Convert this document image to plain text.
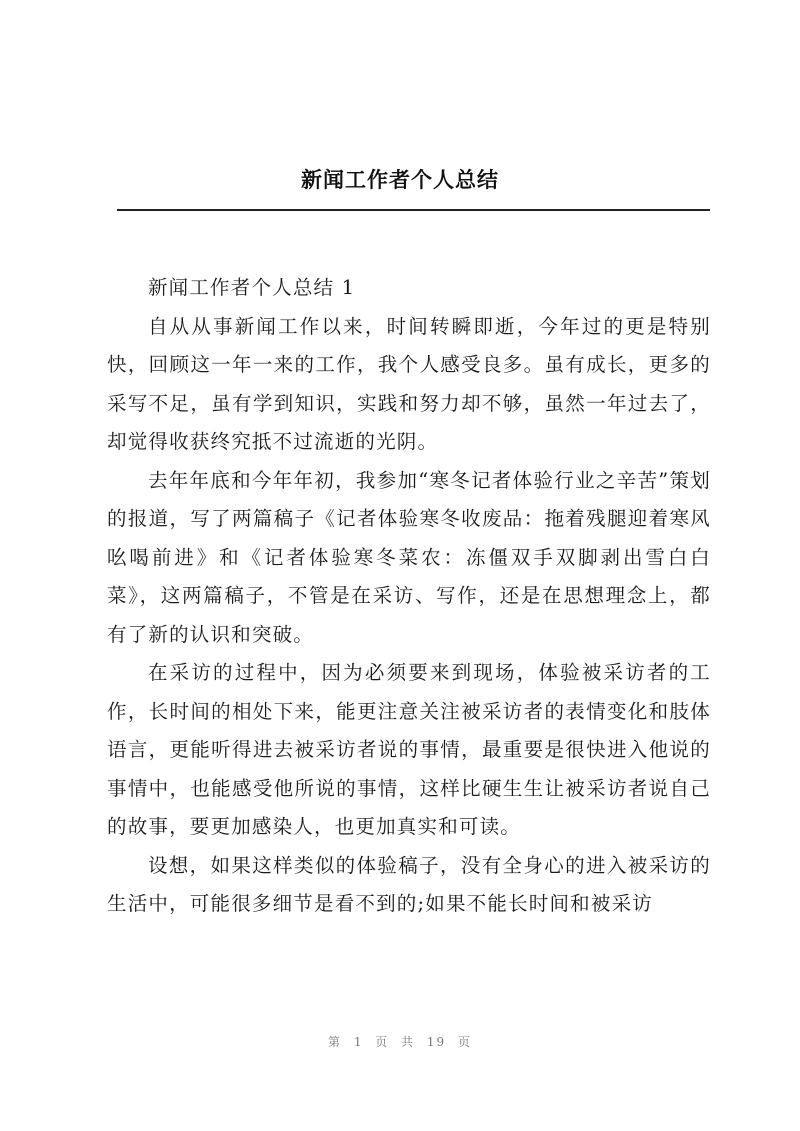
新闻工作者个人总结

新闻工作者个人总结 1

自从从事新闻工作以来，时间转瞬即逝，今年过的更是特别快，回顾这一年一来的工作，我个人感受良多。虽有成长，更多的采写不足，虽有学到知识，实践和努力却不够，虽然一年过去了，却觉得收获终究抵不过流逝的光阴。

去年年底和今年年初，我参加“寒冬记者体验行业之辛苦”策划的报道，写了两篇稿子《记者体验寒冬收废品：拖着残腿迎着寒风吆喝前进》和《记者体验寒冬菜农：冻僵双手双脚剥出雪白白菜》，这两篇稿子，不管是在采访、写作，还是在思想理念上，都有了新的认识和突破。

在采访的过程中，因为必须要来到现场，体验被采访者的工作，长时间的相处下来，能更注意关注被采访者的表情变化和肢体语言，更能听得进去被采访者说的事情，最重要是很快进入他说的事情中，也能感受他所说的事情，这样比硬生生让被采访者说自己的故事，要更加感染人，也更加真实和可读。

设想，如果这样类似的体验稿子，没有全身心的进入被采访的生活中，可能很多细节是看不到的;如果不能长时间和被采访

第 1 页 共 19 页
